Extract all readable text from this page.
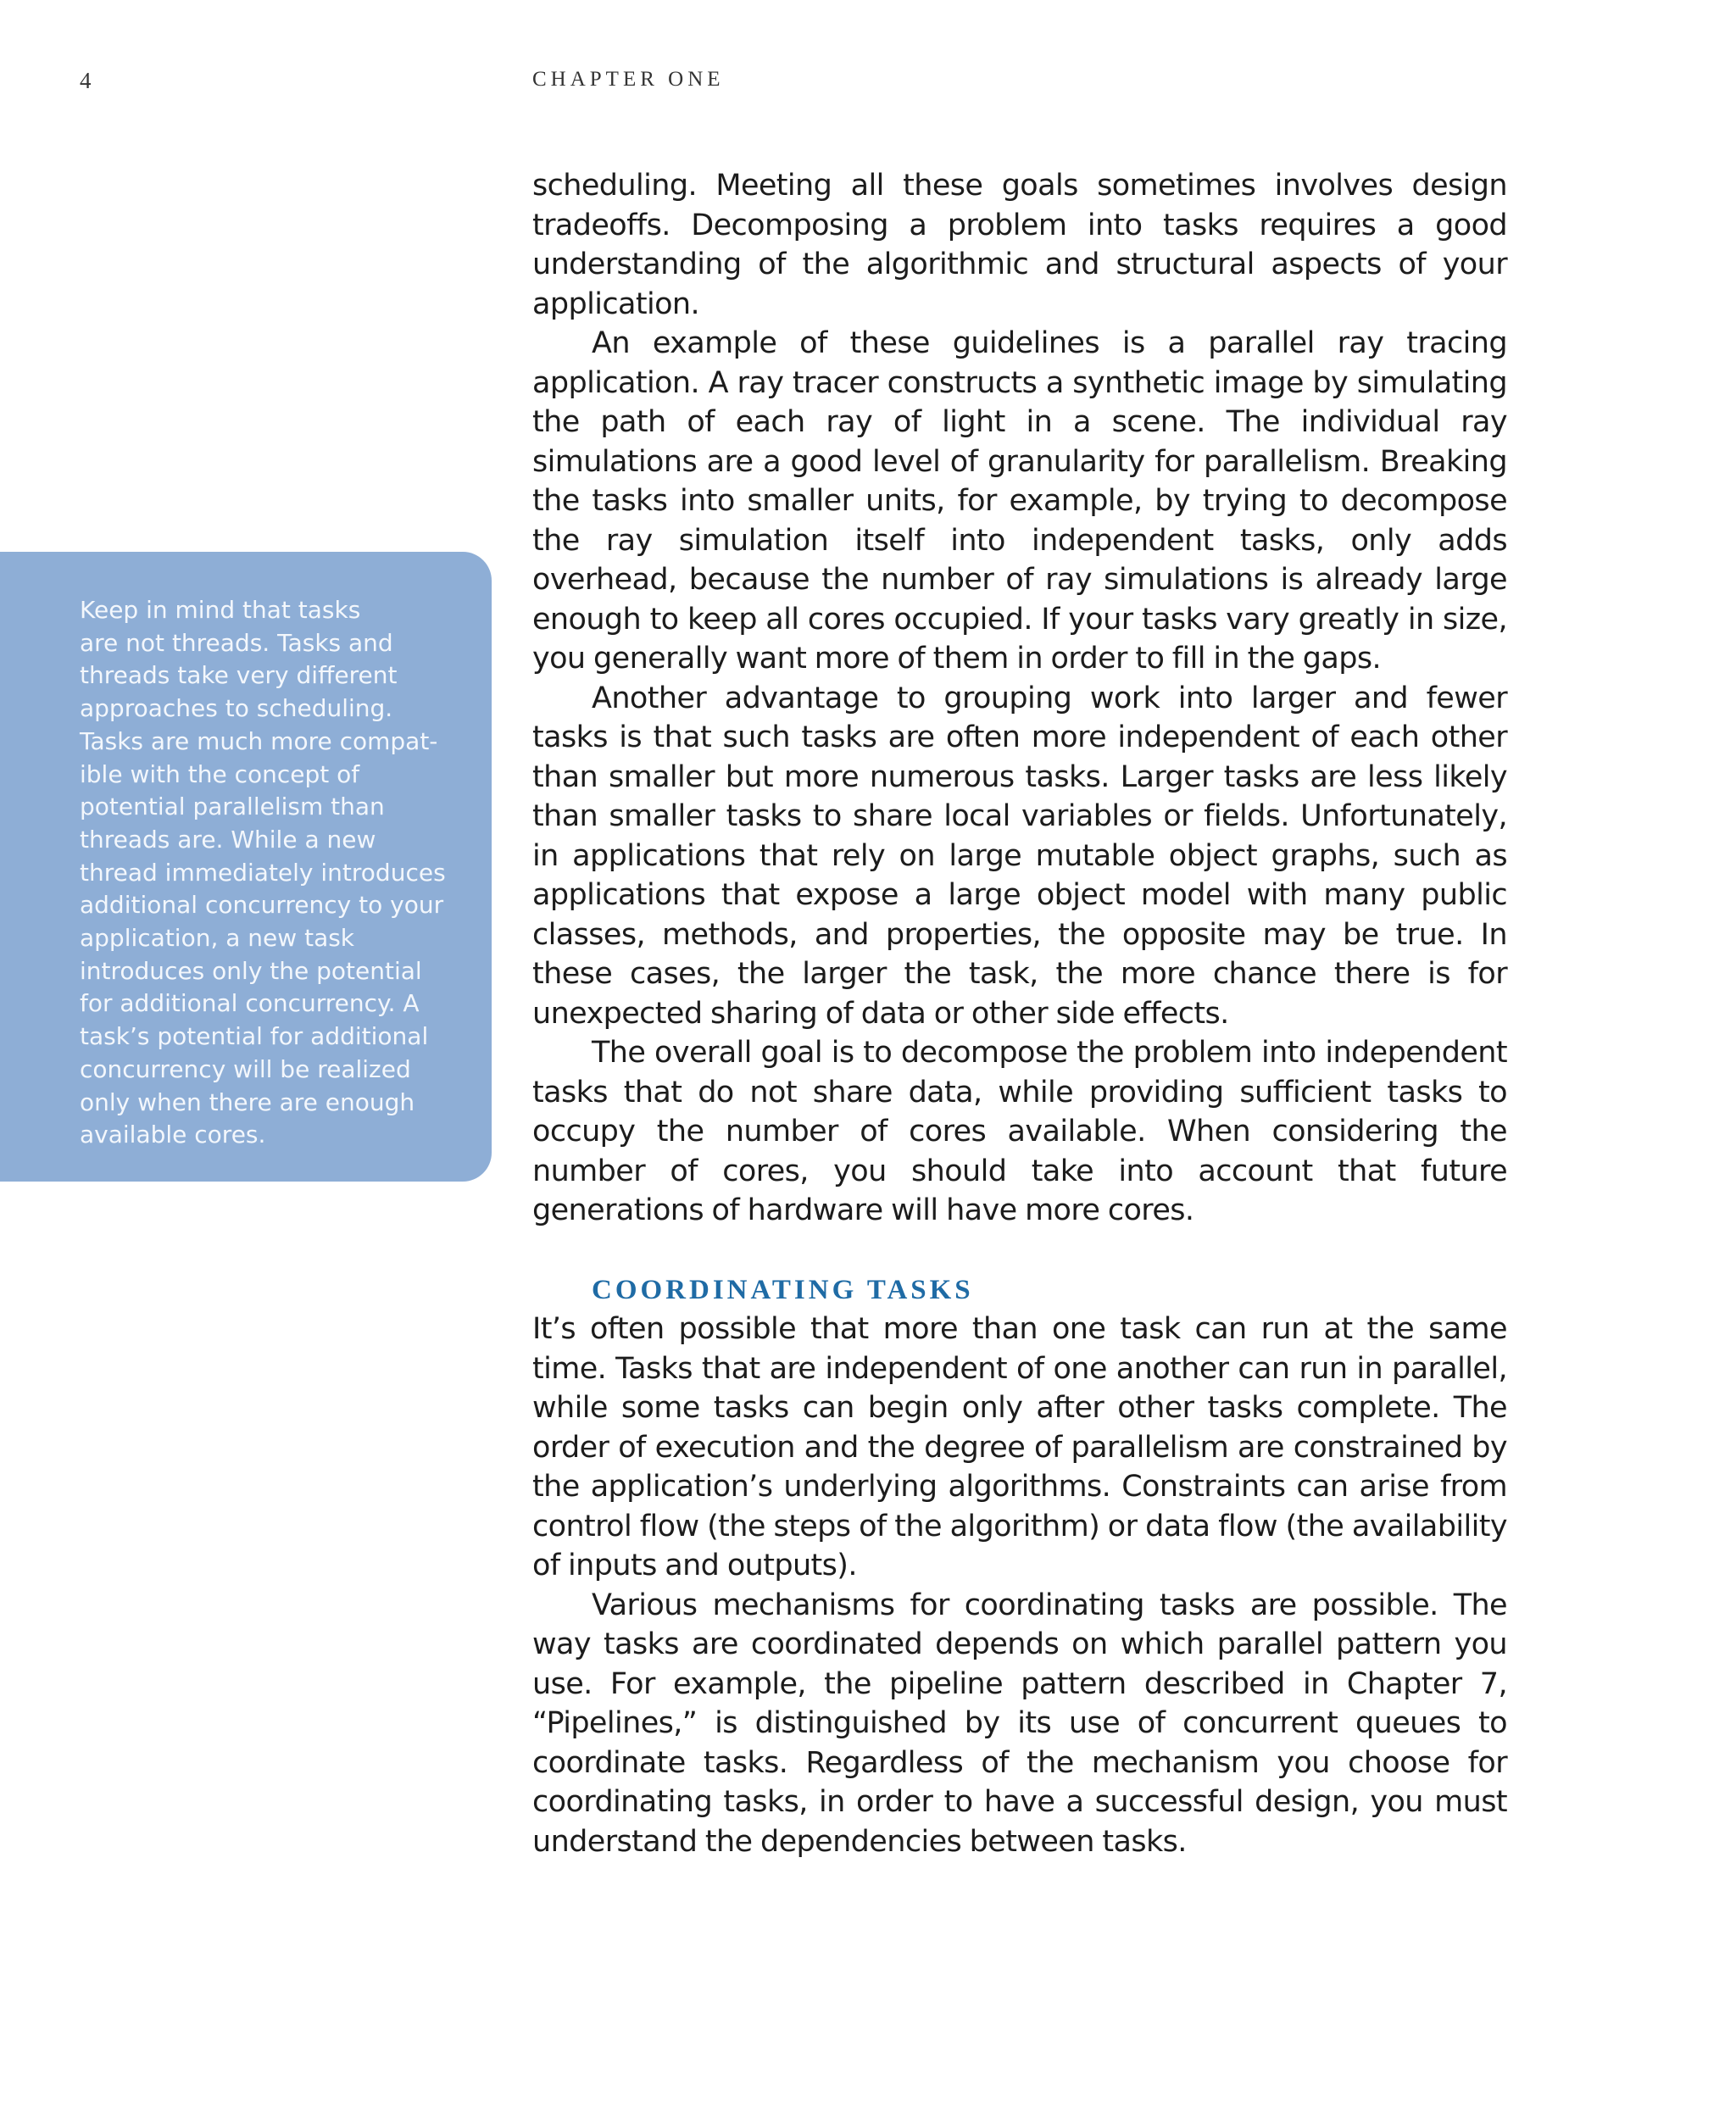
4	CHAPTER ONE

Keep in mind that tasks
are not threads. Tasks and
threads take very different
approaches to scheduling.
Tasks are much more compat-
ible with the concept of
potential parallelism than
threads are. While a new
thread immediately introduces
additional concurrency to your
application, a new task
introduces only the potential
for additional concurrency. A
task’s potential for additional
concurrency will be realized
only when there are enough
available cores.

scheduling. Meeting all these goals sometimes involves design tradeoffs. Decomposing a problem into tasks requires a good understanding of the algorithmic and structural aspects of your application.

An example of these guidelines is a parallel ray tracing application. A ray tracer constructs a synthetic image by simulating the path of each ray of light in a scene. The individual ray simulations are a good level of granularity for parallelism. Breaking the tasks into smaller units, for example, by trying to decompose the ray simulation itself into independent tasks, only adds overhead, because the number of ray simulations is already large enough to keep all cores occupied. If your tasks vary greatly in size, you generally want more of them in order to fill in the gaps.

Another advantage to grouping work into larger and fewer tasks is that such tasks are often more independent of each other than smaller but more numerous tasks. Larger tasks are less likely than smaller tasks to share local variables or fields. Unfortunately, in applications that rely on large mutable object graphs, such as applications that expose a large object model with many public classes, methods, and properties, the opposite may be true. In these cases, the larger the task, the more chance there is for unexpected sharing of data or other side effects.

The overall goal is to decompose the problem into independent tasks that do not share data, while providing sufficient tasks to occupy the number of cores available. When considering the number of cores, you should take into account that future generations of hardware will have more cores.

COORDINATING TASKS

It’s often possible that more than one task can run at the same time. Tasks that are independent of one another can run in parallel, while some tasks can begin only after other tasks complete. The order of execution and the degree of parallelism are constrained by the application’s underlying algorithms. Constraints can arise from control flow (the steps of the algorithm) or data flow (the availability of inputs and outputs).

Various mechanisms for coordinating tasks are possible. The way tasks are coordinated depends on which parallel pattern you use. For example, the pipeline pattern described in Chapter 7, “Pipelines,” is distinguished by its use of concurrent queues to coordinate tasks. Regardless of the mechanism you choose for coordinating tasks, in order to have a successful design, you must understand the dependencies between tasks.
